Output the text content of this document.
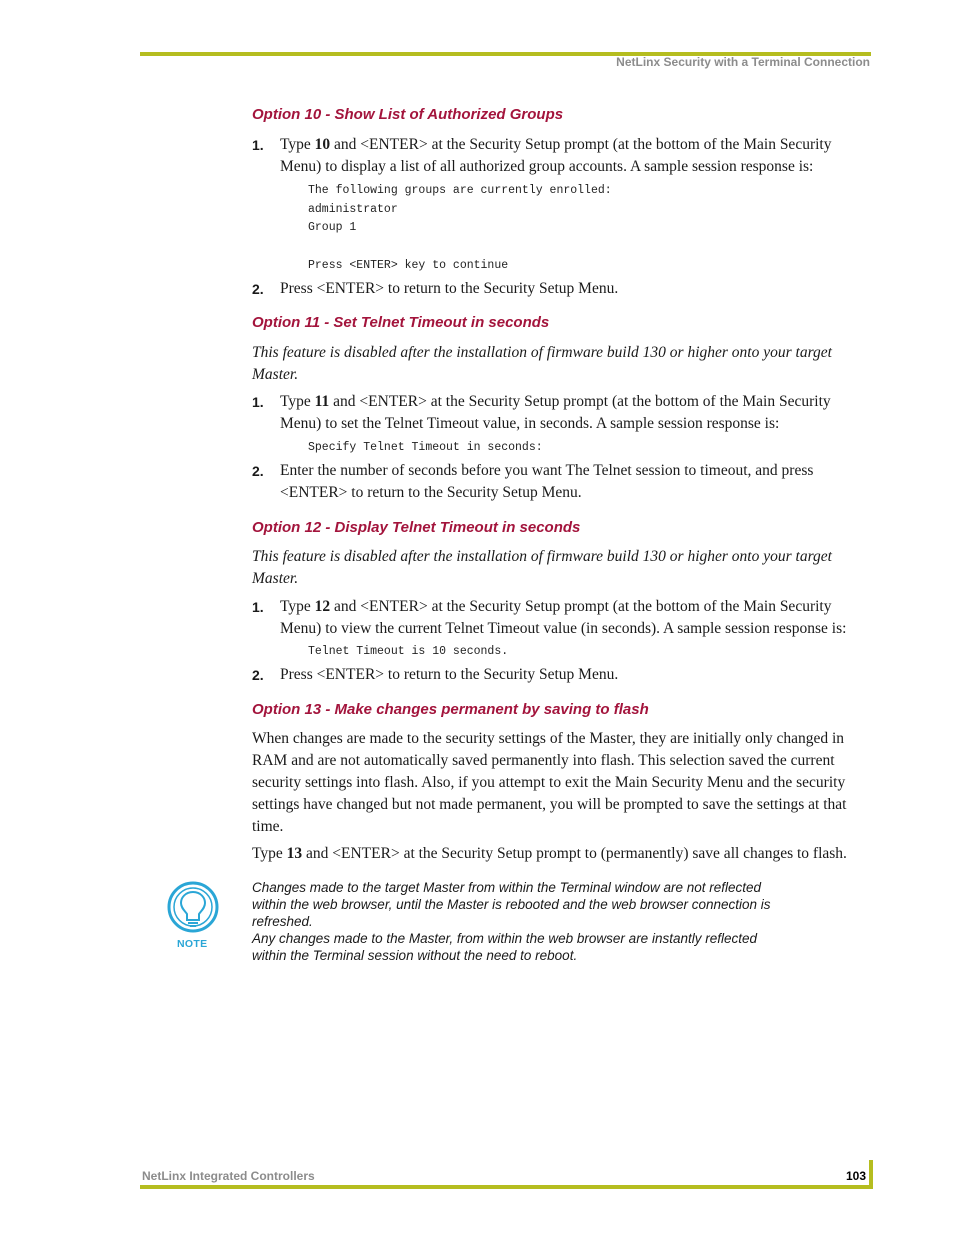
NetLinx Security with a Terminal Connection
Option 10 - Show List of Authorized Groups
1. Type 10 and <ENTER> at the Security Setup prompt (at the bottom of the Main Security Menu) to display a list of all authorized group accounts. A sample session response is:
The following groups are currently enrolled:
administrator
Group 1

Press <ENTER> key to continue
2. Press <ENTER> to return to the Security Setup Menu.
Option 11 - Set Telnet Timeout in seconds

This feature is disabled after the installation of firmware build 130 or higher onto your target Master.

1. Type 11 and <ENTER> at the Security Setup prompt (at the bottom of the Main Security Menu) to set the Telnet Timeout value, in seconds. A sample session response is:
Specify Telnet Timeout in seconds:
2. Enter the number of seconds before you want The Telnet session to timeout, and press <ENTER> to return to the Security Setup Menu.
Option 12 - Display Telnet Timeout in seconds

This feature is disabled after the installation of firmware build 130 or higher onto your target Master.

1. Type 12 and <ENTER> at the Security Setup prompt (at the bottom of the Main Security Menu) to view the current Telnet Timeout value (in seconds). A sample session response is:
Telnet Timeout is 10 seconds.
2. Press <ENTER> to return to the Security Setup Menu.
Option 13 - Make changes permanent by saving to flash

When changes are made to the security settings of the Master, they are initially only changed in RAM and are not automatically saved permanently into flash. This selection saved the current security settings into flash. Also, if you attempt to exit the Main Security Menu and the security settings have changed but not made permanent, you will be prompted to save the settings at that time.

Type 13 and <ENTER> at the Security Setup prompt to (permanently) save all changes to flash.

NOTE

Changes made to the target Master from within the Terminal window are not reflected within the web browser, until the Master is rebooted and the web browser connection is refreshed.

Any changes made to the Master, from within the web browser are instantly reflected within the Terminal session without the need to reboot.

NetLinx Integrated Controllers	103
